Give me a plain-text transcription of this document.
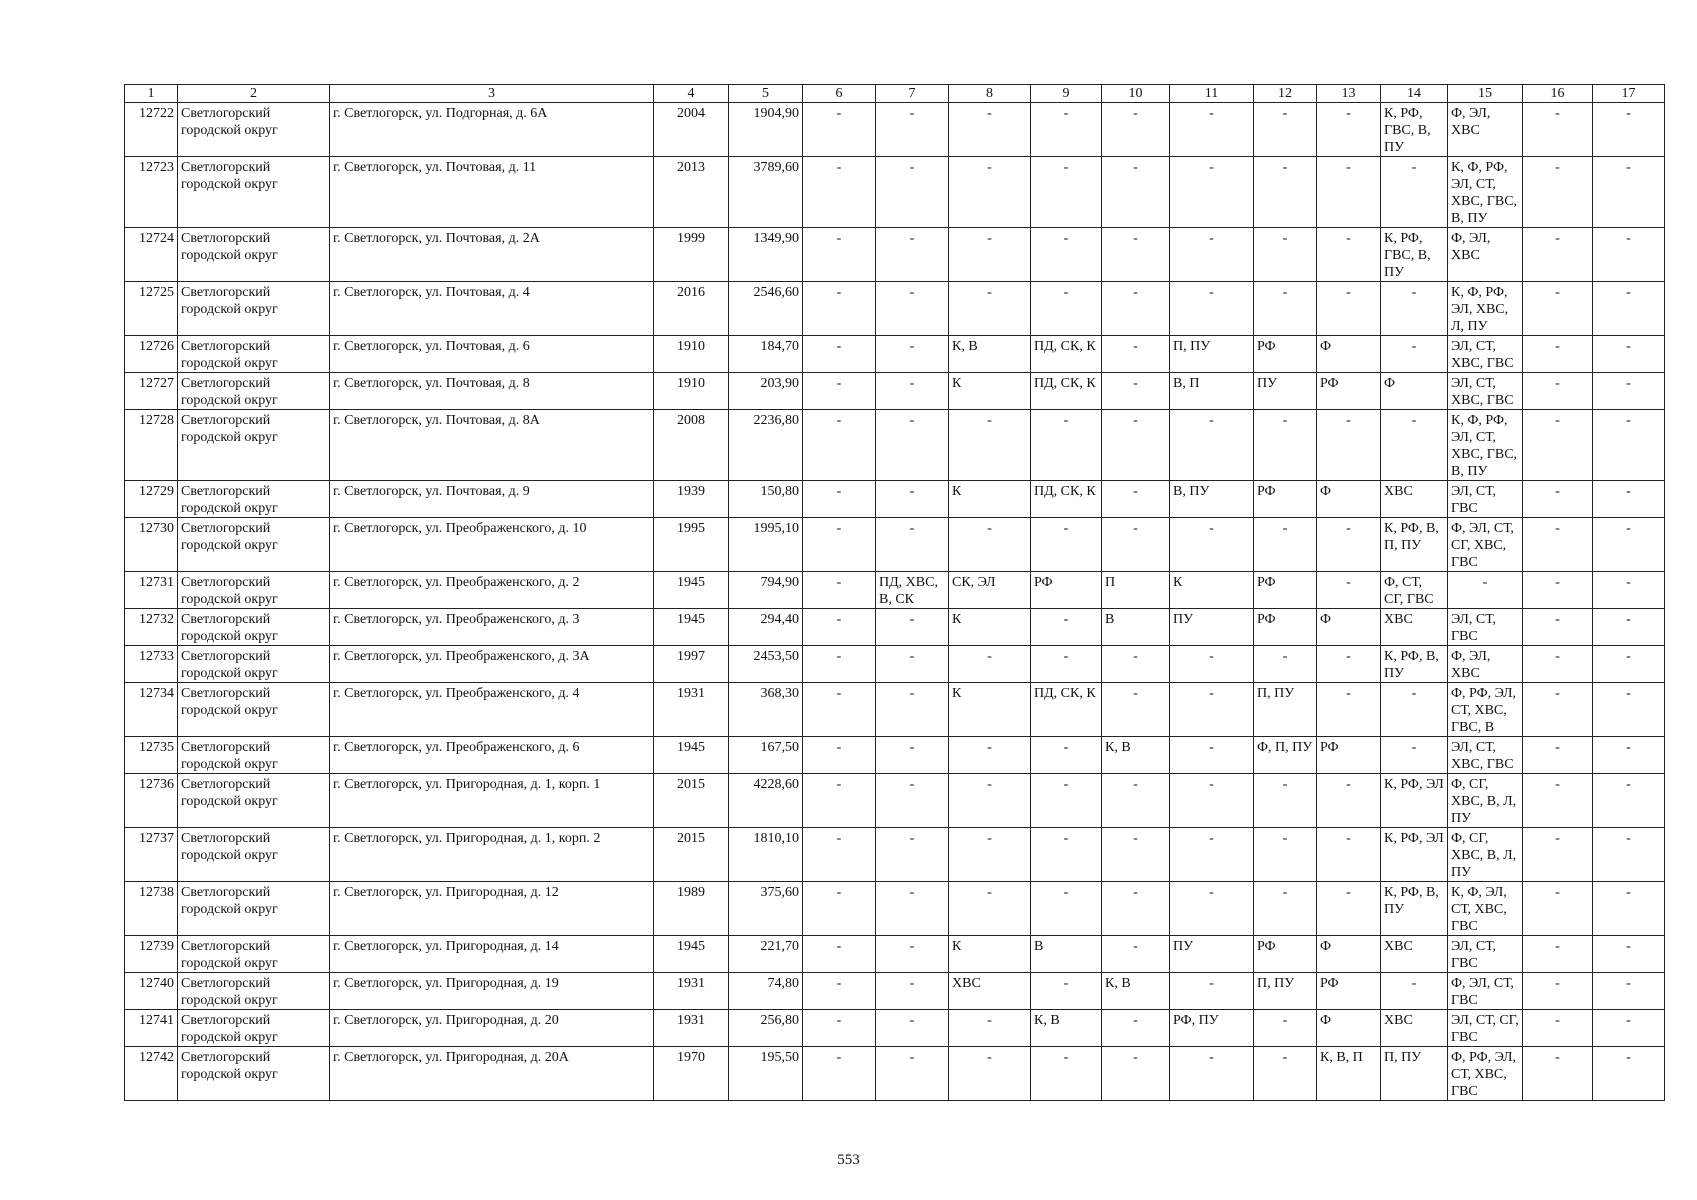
1	2	3	4	5	6	7	8	9	10	11	12	13	14	15	16	17
12722	Светлогорский городской округ	г. Светлогорск, ул. Подгорная, д. 6А	2004	1904,90	-	-	-	-	-	-	-	-	К, РФ, ГВС, В, ПУ	Ф, ЭЛ, ХВС	-	-
12723	Светлогорский городской округ	г. Светлогорск, ул. Почтовая, д. 11	2013	3789,60	-	-	-	-	-	-	-	-	-	К, Ф, РФ, ЭЛ, СТ, ХВС, ГВС, В, ПУ	-	-
12724	Светлогорский городской округ	г. Светлогорск, ул. Почтовая, д. 2А	1999	1349,90	-	-	-	-	-	-	-	-	К, РФ, ГВС, В, ПУ	Ф, ЭЛ, ХВС	-	-
12725	Светлогорский городской округ	г. Светлогорск, ул. Почтовая, д. 4	2016	2546,60	-	-	-	-	-	-	-	-	-	К, Ф, РФ, ЭЛ, ХВС, Л, ПУ	-	-
12726	Светлогорский городской округ	г. Светлогорск, ул. Почтовая, д. 6	1910	184,70	-	-	К, В	ПД, СК, К	-	П, ПУ	РФ	Ф	-	ЭЛ, СТ, ХВС, ГВС	-	-
12727	Светлогорский городской округ	г. Светлогорск, ул. Почтовая, д. 8	1910	203,90	-	-	К	ПД, СК, К	-	В, П	ПУ	РФ	Ф	ЭЛ, СТ, ХВС, ГВС	-	-
12728	Светлогорский городской округ	г. Светлогорск, ул. Почтовая, д. 8А	2008	2236,80	-	-	-	-	-	-	-	-	-	К, Ф, РФ, ЭЛ, СТ, ХВС, ГВС, В, ПУ	-	-
12729	Светлогорский городской округ	г. Светлогорск, ул. Почтовая, д. 9	1939	150,80	-	-	К	ПД, СК, К	-	В, ПУ	РФ	Ф	ХВС	ЭЛ, СТ, ГВС	-	-
12730	Светлогорский городской округ	г. Светлогорск, ул. Преображенского, д. 10	1995	1995,10	-	-	-	-	-	-	-	-	К, РФ, В, П, ПУ	Ф, ЭЛ, СТ, СГ, ХВС, ГВС	-	-
12731	Светлогорский городской округ	г. Светлогорск, ул. Преображенского, д. 2	1945	794,90	-	ПД, ХВС, В, СК	СК, ЭЛ	РФ	П	К	РФ	-	Ф, СТ, СГ, ГВС	-	-	-
12732	Светлогорский городской округ	г. Светлогорск, ул. Преображенского, д. 3	1945	294,40	-	-	К	-	В	ПУ	РФ	Ф	ХВС	ЭЛ, СТ, ГВС	-	-
12733	Светлогорский городской округ	г. Светлогорск, ул. Преображенского, д. 3А	1997	2453,50	-	-	-	-	-	-	-	-	К, РФ, В, ПУ	Ф, ЭЛ, ХВС	-	-
12734	Светлогорский городской округ	г. Светлогорск, ул. Преображенского, д. 4	1931	368,30	-	-	К	ПД, СК, К	-	-	П, ПУ	-	-	Ф, РФ, ЭЛ, СТ, ХВС, ГВС, В	-	-
12735	Светлогорский городской округ	г. Светлогорск, ул. Преображенского, д. 6	1945	167,50	-	-	-	-	К, В	-	Ф, П, ПУ	РФ	-	ЭЛ, СТ, ХВС, ГВС	-	-
12736	Светлогорский городской округ	г. Светлогорск, ул. Пригородная, д. 1, корп. 1	2015	4228,60	-	-	-	-	-	-	-	-	К, РФ, ЭЛ	Ф, СГ, ХВС, В, Л, ПУ	-	-
12737	Светлогорский городской округ	г. Светлогорск, ул. Пригородная, д. 1, корп. 2	2015	1810,10	-	-	-	-	-	-	-	-	К, РФ, ЭЛ	Ф, СГ, ХВС, В, Л, ПУ	-	-
12738	Светлогорский городской округ	г. Светлогорск, ул. Пригородная, д. 12	1989	375,60	-	-	-	-	-	-	-	-	К, РФ, В, ПУ	К, Ф, ЭЛ, СТ, ХВС, ГВС	-	-
12739	Светлогорский городской округ	г. Светлогорск, ул. Пригородная, д. 14	1945	221,70	-	-	К	В	-	ПУ	РФ	Ф	ХВС	ЭЛ, СТ, ГВС	-	-
12740	Светлогорский городской округ	г. Светлогорск, ул. Пригородная, д. 19	1931	74,80	-	-	ХВС	-	К, В	-	П, ПУ	РФ	-	Ф, ЭЛ, СТ, ГВС	-	-
12741	Светлогорский городской округ	г. Светлогорск, ул. Пригородная, д. 20	1931	256,80	-	-	-	К, В	-	РФ, ПУ	-	Ф	ХВС	ЭЛ, СТ, СГ, ГВС	-	-
12742	Светлогорский городской округ	г. Светлогорск, ул. Пригородная, д. 20А	1970	195,50	-	-	-	-	-	-	-	К, В, П	П, ПУ	Ф, РФ, ЭЛ, СТ, ХВС, ГВС	-	-
553
